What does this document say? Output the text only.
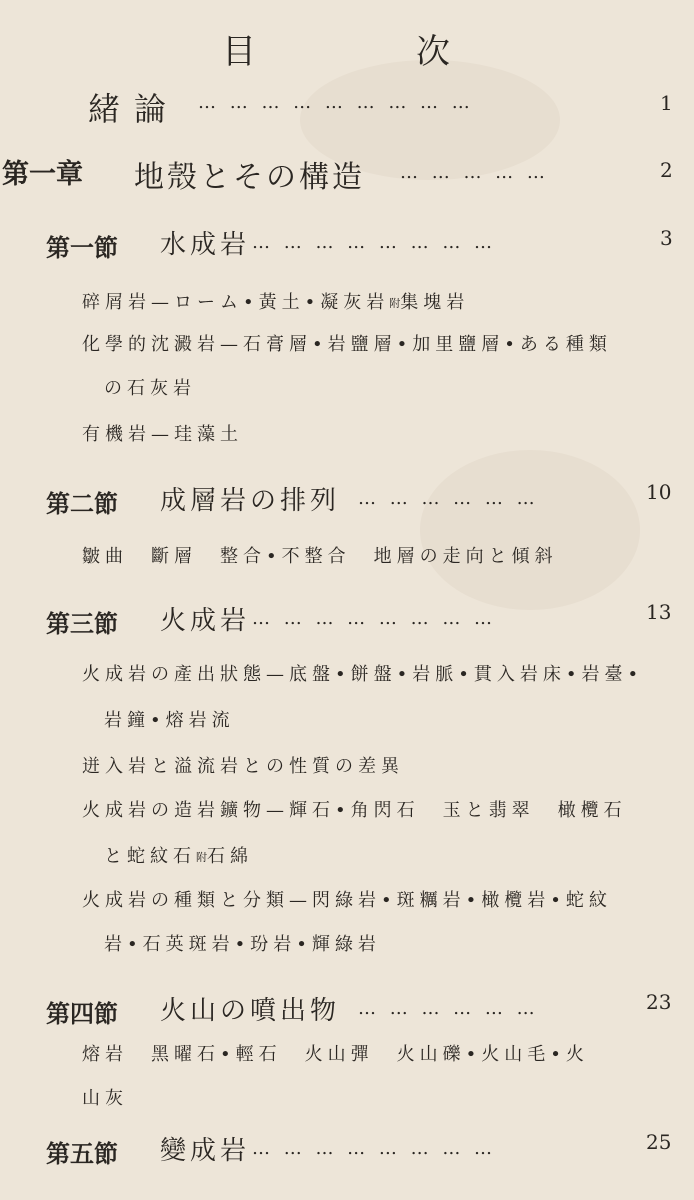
目	次
緒論 … … … … … … … … …	1
第一章 地殼とその構造 … … … … …	2
第一節 水成岩 … … … … … … … …	3
碎屑岩—ローム•黃土•凝灰岩附集塊岩
化學的沈澱岩—石膏層•岩鹽層•加里鹽層•ある種類
の石灰岩
有機岩—珪藻土
第二節 成層岩の排列 … … … … … …	10
皺曲　斷層　整合•不整合　地層の走向と傾斜
第三節 火成岩 … … … … … … … …	13
火成岩の產出狀態—底盤•餅盤•岩脈•貫入岩床•岩臺•
岩鐘•熔岩流
迸入岩と溢流岩との性質の差異
火成岩の造岩鑛物—輝石•角閃石　玉と翡翠　橄欖石
と蛇紋石附石綿
火成岩の種類と分類—閃綠岩•斑糲岩•橄欖岩•蛇紋
岩•石英斑岩•玢岩•輝綠岩
第四節 火山の噴出物 … … … … … …	23
熔岩　黑曜石•輕石　火山彈　火山礫•火山毛•火
山灰
第五節 變成岩 … … … … … … … …	25
